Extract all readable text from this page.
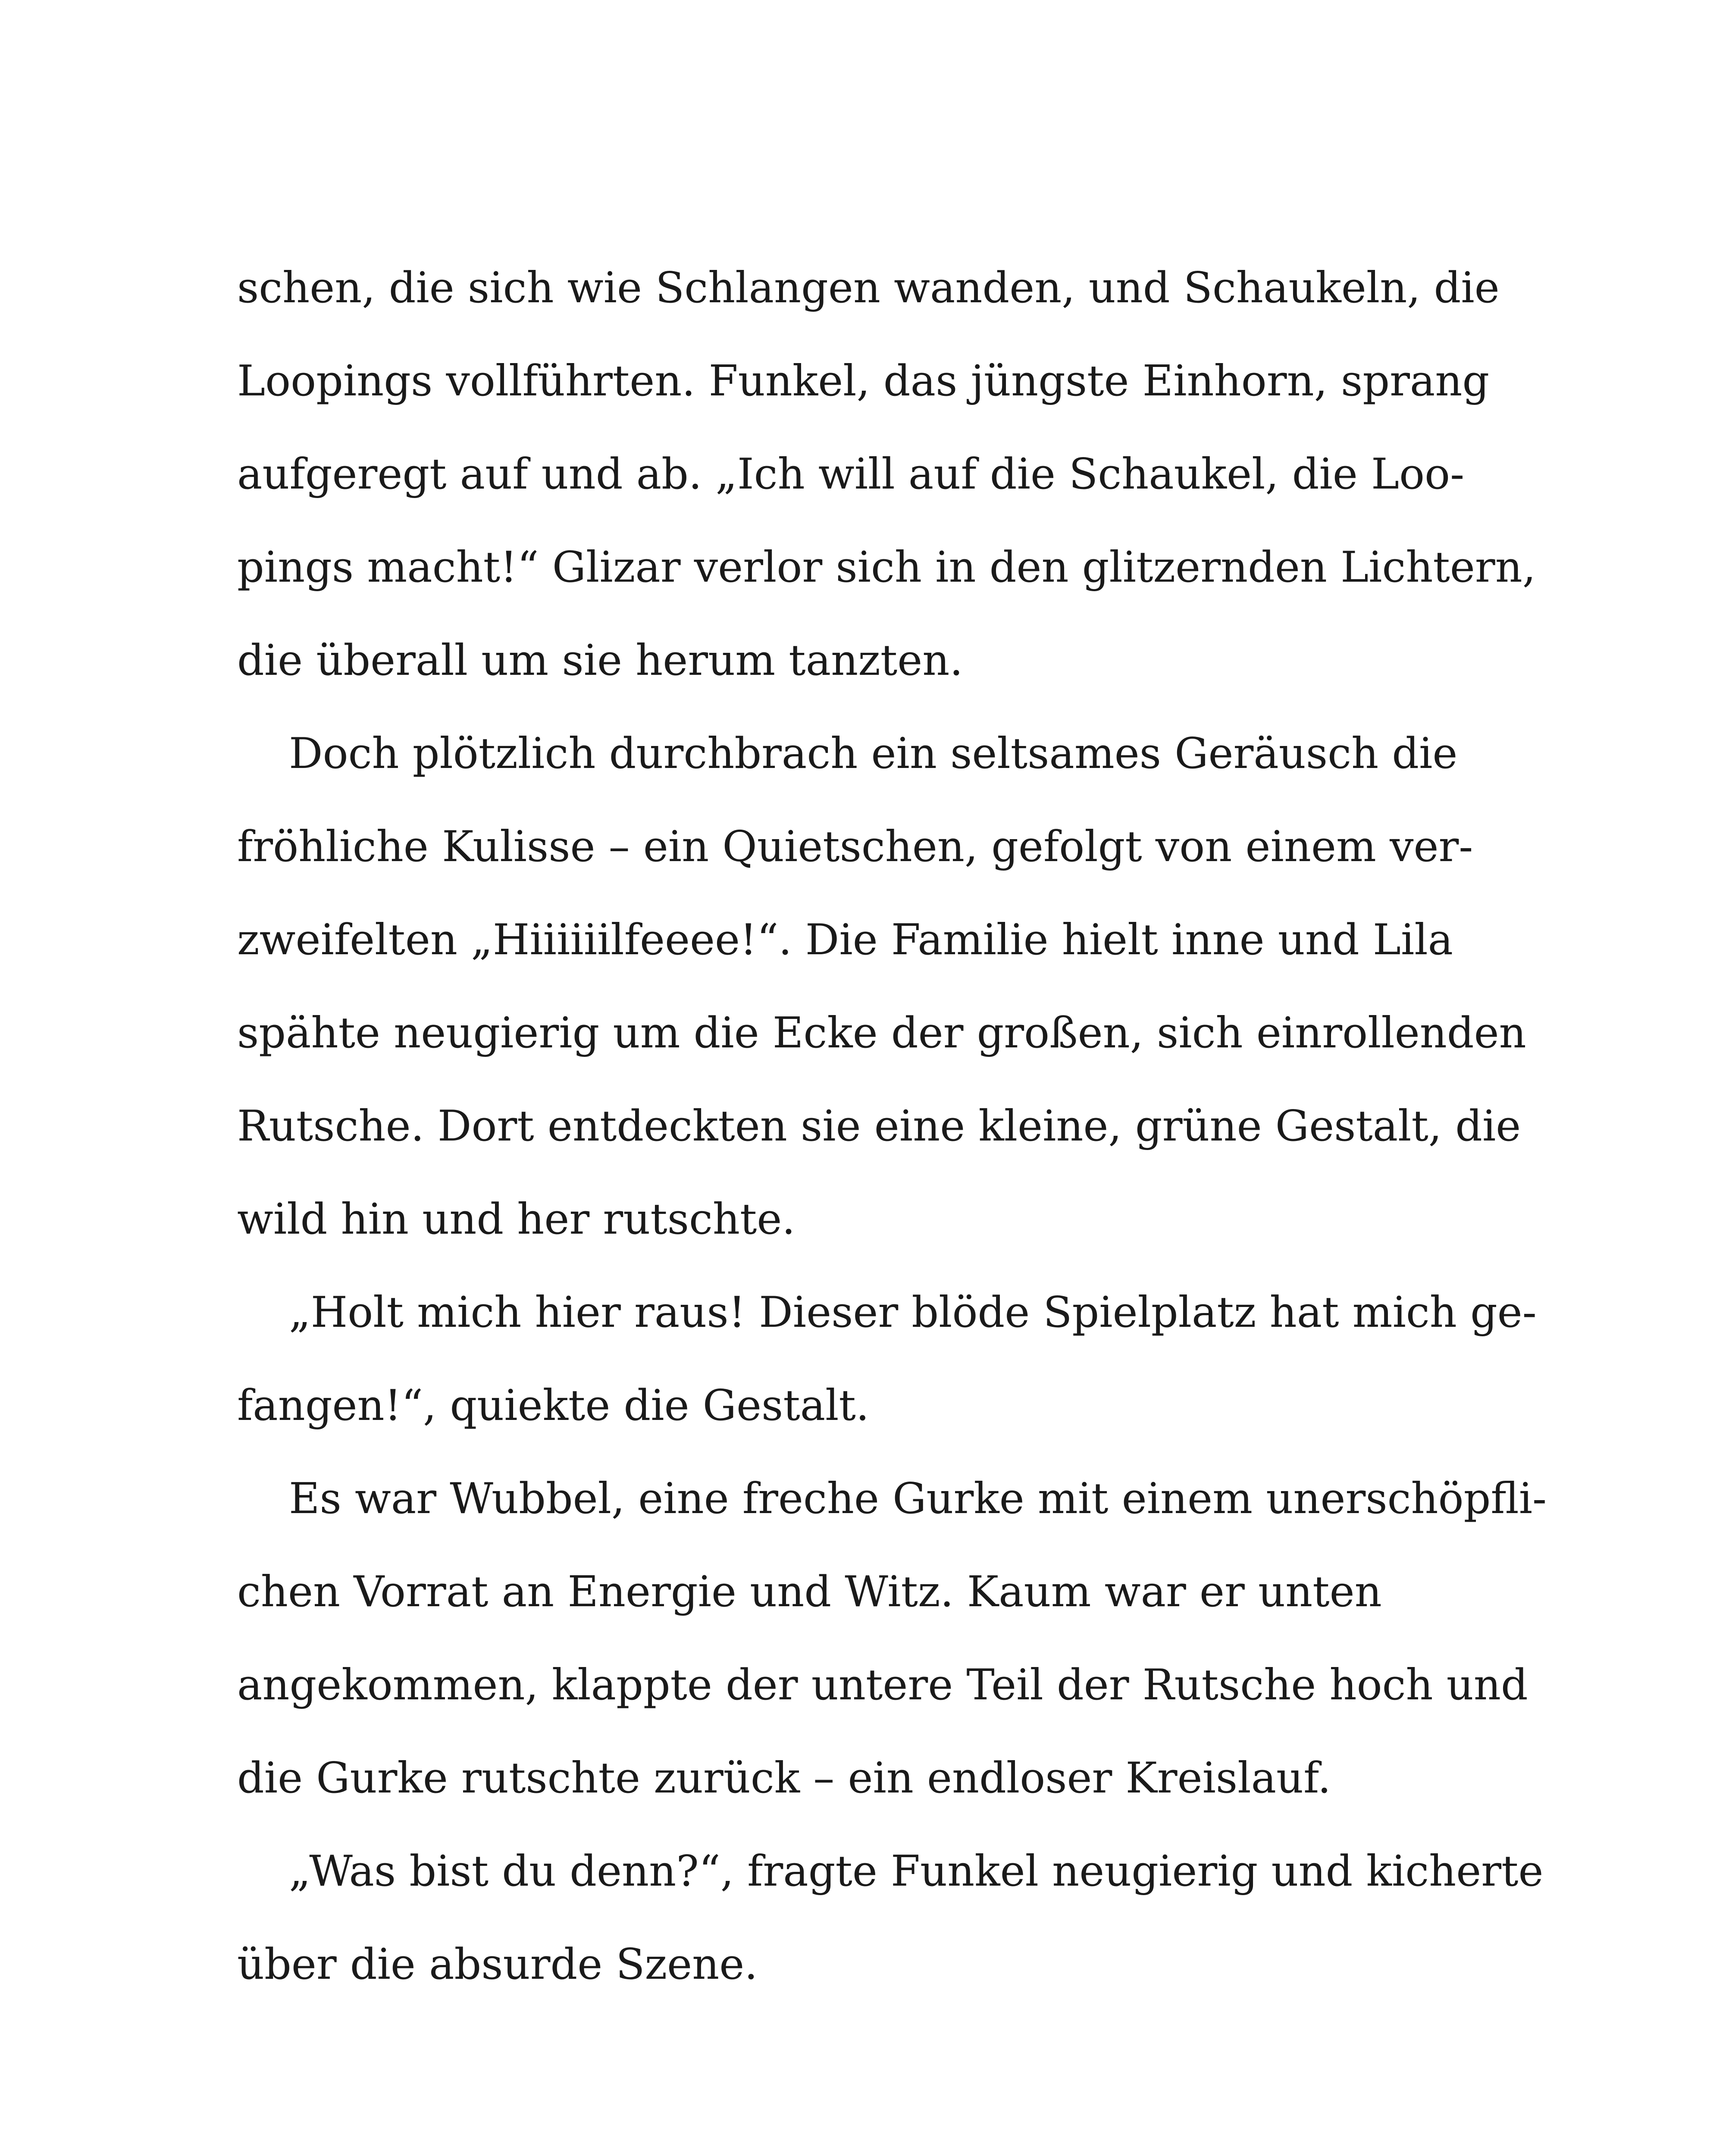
schen, die sich wie Schlangen wanden, und Schaukeln, die
Loopings vollführten. Funkel, das jüngste Einhorn, sprang
aufgeregt auf und ab. „Ich will auf die Schaukel, die Loo-
pings macht!“ Glizar verlor sich in den glitzernden Lichtern,
die überall um sie herum tanzten.
Doch plötzlich durchbrach ein seltsames Geräusch die
fröhliche Kulisse – ein Quietschen, gefolgt von einem ver-
zweifelten „Hiiiiiilfeeee!“. Die Familie hielt inne und Lila
spähte neugierig um die Ecke der großen, sich einrollenden
Rutsche. Dort entdeckten sie eine kleine, grüne Gestalt, die
wild hin und her rutschte.
„Holt mich hier raus! Dieser blöde Spielplatz hat mich ge-
fangen!“, quiekte die Gestalt.
Es war Wubbel, eine freche Gurke mit einem unerschöpfli-
chen Vorrat an Energie und Witz. Kaum war er unten
angekommen, klappte der untere Teil der Rutsche hoch und
die Gurke rutschte zurück – ein endloser Kreislauf.
„Was bist du denn?“, fragte Funkel neugierig und kicherte
über die absurde Szene.
